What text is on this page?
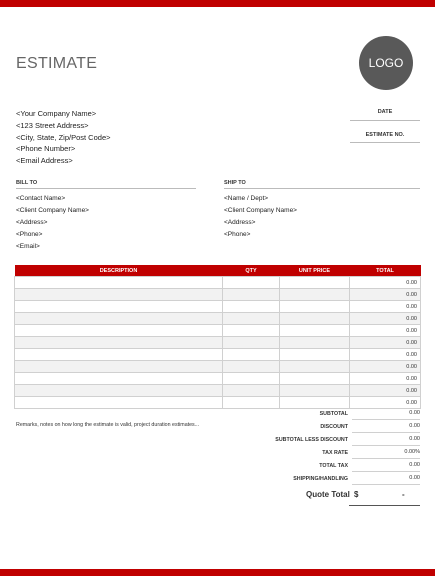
ESTIMATE	LOGO
<Your Company Name>
<123 Street Address>
<City, State, Zip/Post Code>
<Phone Number>
<Email Address>
DATE
ESTIMATE NO.
BILL TO
<Contact Name>
<Client Company Name>
<Address>
<Phone>
<Email>
SHIP TO
<Name / Dept>
<Client Company Name>
<Address>
<Phone>
DESCRIPTION	QTY	UNIT PRICE	TOTAL
			0.00
			0.00
			0.00
			0.00
			0.00
			0.00
			0.00
			0.00
			0.00
			0.00
			0.00
Remarks, notes on how long the estimate is valid, project duration estimates...
SUBTOTAL	0.00
DISCOUNT	0.00
SUBTOTAL LESS DISCOUNT	0.00
TAX RATE	0.00%
TOTAL TAX	0.00
SHIPPING/HANDLING	0.00
Quote Total $	-
